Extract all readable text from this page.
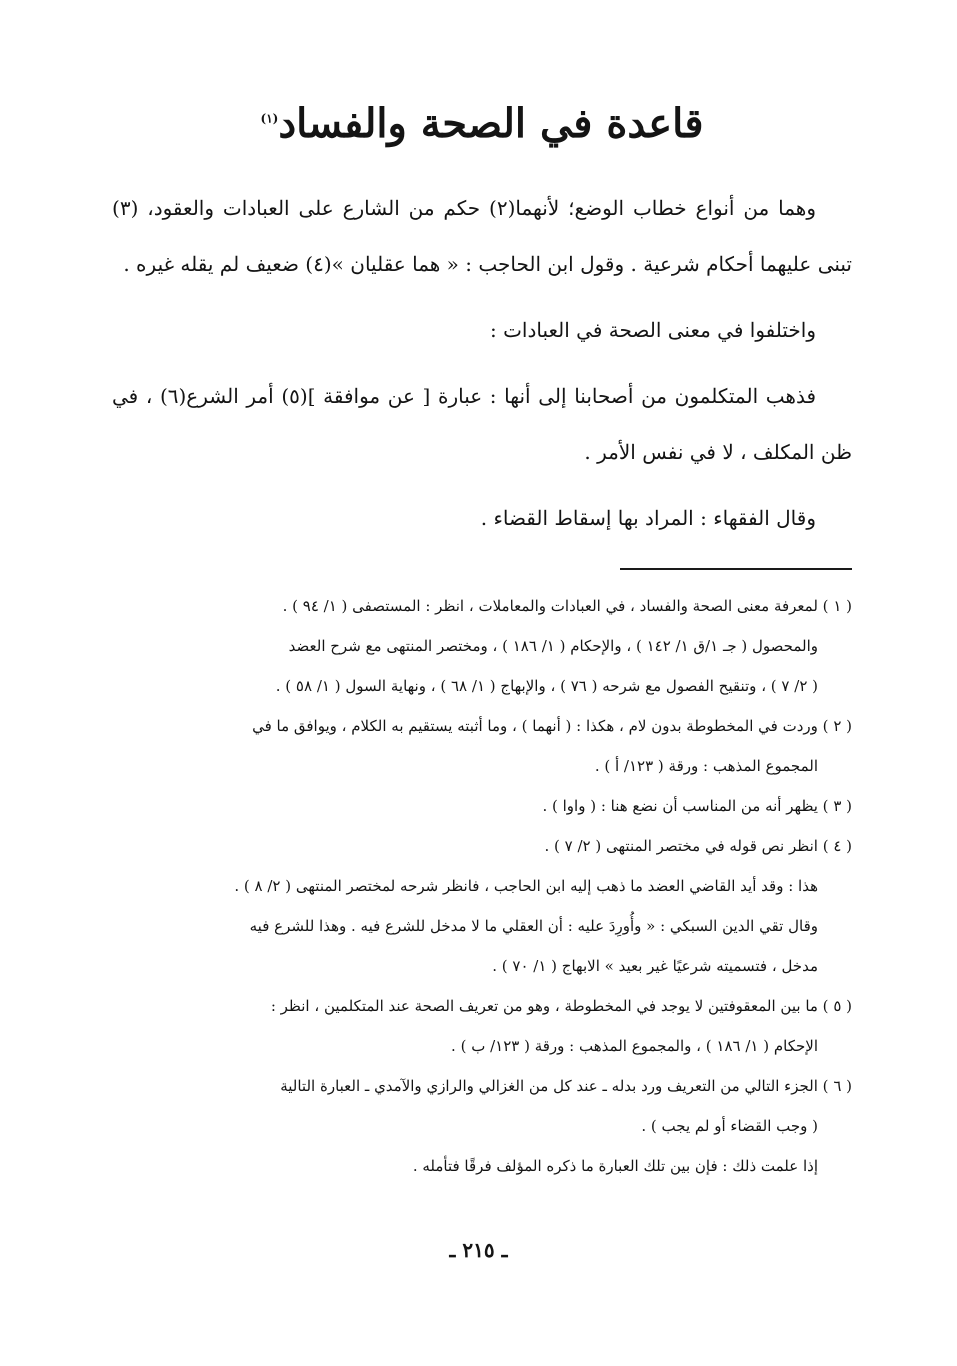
قاعدة في الصحة والفساد$^{(١)}$

وهما من أنواع خطاب الوضع؛ لأنهما(٢) حكم من الشارع على العبادات والعقود، (٣) تبنى عليهما أحكام شرعية . وقول ابن الحاجب : « هما عقليان »(٤) ضعيف لم يقله غيره .

واختلفوا في معنى الصحة في العبادات :

فذهب المتكلمون من أصحابنا إلى أنها : عبارة [ عن موافقة ](٥) أمر الشرع(٦) ، في ظن المكلف ، لا في نفس الأمر .

وقال الفقهاء : المراد بها إسقاط القضاء .

( ١ ) لمعرفة معنى الصحة والفساد ، في العبادات والمعاملات ، انظر : المستصفى ( ١/ ٩٤ ) .

والمحصول ( جـ ١/ق ١/ ١٤٢ ) ، والإحكام ( ١/ ١٨٦ ) ، ومختصر المنتهى مع شرح العضد

( ٢/ ٧ ) ، وتنقيح الفصول مع شرحه ( ٧٦ ) ، والإبهاج ( ١/ ٦٨ ) ، ونهاية السول ( ١/ ٥٨ ) .

( ٢ ) وردت في المخطوطة بدون لام ، هكذا : ( أنهما ) ، وما أثبته يستقيم به الكلام ، ويوافق ما في

المجموع المذهب : ورقة ( ١٢٣/ أ ) .

( ٣ ) يظهر أنه من المناسب أن نضع هنا : ( واوا ) .

( ٤ ) انظر نص قوله في مختصر المنتهى ( ٢/ ٧ ) .

هذا : وقد أيد القاضي العضد ما ذهب إليه ابن الحاجب ، فانظر شرحه لمختصر المنتهى ( ٢/ ٨ ) .

وقال تقي الدين السبكي : « وأُورِدَ عليه : أن العقلي ما لا مدخل للشرع فيه . وهذا للشرع فيه

مدخل ، فتسميته شرعيًا غير بعيد » الابهاج ( ١/ ٧٠ ) .

( ٥ ) ما بين المعقوفتين لا يوجد في المخطوطة ، وهو من تعريف الصحة عند المتكلمين ، انظر :

الإحكام ( ١/ ١٨٦ ) ، والمجموع المذهب : ورقة ( ١٢٣/ ب ) .

( ٦ ) الجزء التالي من التعريف ورد بدله ـ عند كل من الغزالي والرازي والآمدي ـ العبارة التالية

( وجب القضاء أو لم يجب ) .

إذا علمت ذلك : فإن بين تلك العبارة ما ذكره المؤلف فرقًا فتأمله .

ـ ٢١٥ ـ
